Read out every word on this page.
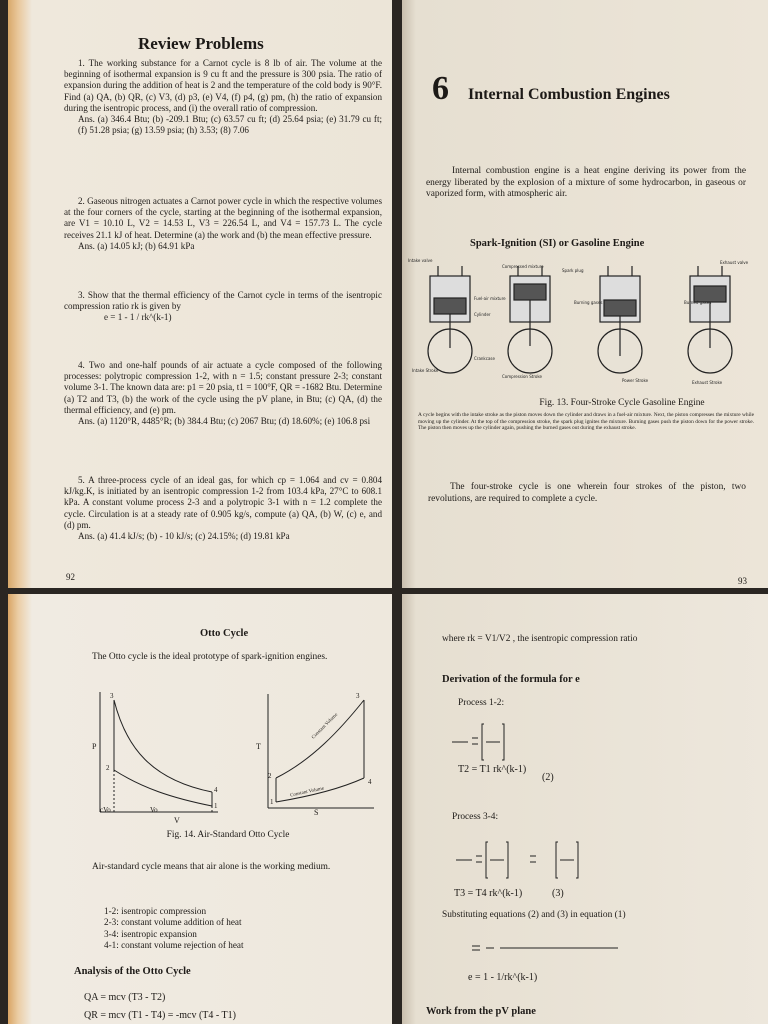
Review Problems

1. The working substance for a Carnot cycle is 8 lb of air. The volume at the beginning of isothermal expansion is 9 cu ft and the pressure is 300 psia. The ratio of expansion during the addition of heat is 2 and the temperature of the cold body is 90°F. Find (a) QA, (b) QR, (c) V3, (d) p3, (e) V4, (f) p4, (g) pm, (h) the ratio of expansion during the isentropic process, and (i) the overall ratio of compression.

Ans. (a) 346.4 Btu; (b) -209.1 Btu; (c) 63.57 cu ft; (d) 25.64 psia; (e) 31.79 cu ft; (f) 51.28 psia; (g) 13.59 psia; (h) 3.53; (8) 7.06

2. Gaseous nitrogen actuates a Carnot power cycle in which the respective volumes at the four corners of the cycle, starting at the beginning of the isothermal expansion, are V1 = 10.10 L, V2 = 14.53 L, V3 = 226.54 L, and V4 = 157.73 L. The cycle receives 21.1 kJ of heat. Determine (a) the work and (b) the mean effective pressure.

Ans. (a) 14.05 kJ; (b) 64.91 kPa

3. Show that the thermal efficiency of the Carnot cycle in terms of the isentropic compression ratio rk is given by

e = 1 - 1 / rk^(k-1)

4. Two and one-half pounds of air actuate a cycle composed of the following processes: polytropic compression 1-2, with n = 1.5; constant pressure 2-3; constant volume 3-1. The known data are: p1 = 20 psia, t1 = 100°F, QR = -1682 Btu. Determine (a) T2 and T3, (b) the work of the cycle using the pV plane, in Btu; (c) QA, (d) the thermal efficiency, and (e) pm.

Ans. (a) 1120°R, 4485°R; (b) 384.4 Btu; (c) 2067 Btu; (d) 18.60%; (e) 106.8 psi

5. A three-process cycle of an ideal gas, for which cp = 1.064 and cv = 0.804 kJ/kg.K, is initiated by an isentropic compression 1-2 from 103.4 kPa, 27°C to 608.1 kPa. A constant volume process 2-3 and a polytropic 3-1 with n = 1.2 complete the cycle. Circulation is at a steady rate of 0.905 kg/s, compute (a) QA, (b) W, (c) e, and (d) pm.

Ans. (a) 41.4 kJ/s; (b) - 10 kJ/s; (c) 24.15%; (d) 19.81 kPa

92
6 Internal Combustion Engines
Internal combustion engine is a heat engine deriving its power from the energy liberated by the explosion of a mixture of some hydrocarbon, in gaseous or vaporized form, with atmospheric air.
Spark-Ignition (SI) or Gasoline Engine
Intake valve
Compressed mixture
Spark plug
Exhaust valve
Fuel-air mixture
Cylinder
Burning gases	Burned gases
Crankcase
Intake Stroke
Compression Stroke
Power Stroke	Exhaust Stroke
Fig. 13. Four-Stroke Cycle Gasoline Engine
A cycle begins with the intake stroke as the piston moves down the cylinder and draws in a fuel-air mixture. Next, the piston compresses the mixture while moving up the cylinder. At the top of the compression stroke, the spark plug ignites the mixture. Burning gases push the piston down for the power stroke. The piston then moves up the cylinder again, pushing the burned gases out during the exhaust stroke.
The four-stroke cycle is one wherein four strokes of the piston, two revolutions, are required to complete a cycle.
93
Otto Cycle
The Otto cycle is the ideal prototype of spark-ignition engines.
P
V
3
2
4
1
cVo	Vo
T
S
3
2
4
1
Constant Volume
Constant Volume
Fig. 14. Air-Standard Otto Cycle
Air-standard cycle means that air alone is the working medium.
1-2: isentropic compression
2-3: constant volume addition of heat
3-4: isentropic expansion
4-1: constant volume rejection of heat
Analysis of the Otto Cycle
QA = mcv (T3 - T2)
QR = mcv (T1 - T4) = -mcv (T4 - T1)
where rk = V1/V2 , the isentropic compression ratio
Derivation of the formula for e
Process 1-2:
T2 = T1 rk^(k-1)
(2)
Process 3-4:
T3 = T4 rk^(k-1)	(3)
Substituting equations (2) and (3) in equation (1)
e = 1 - 1/rk^(k-1)
Work from the pV plane
